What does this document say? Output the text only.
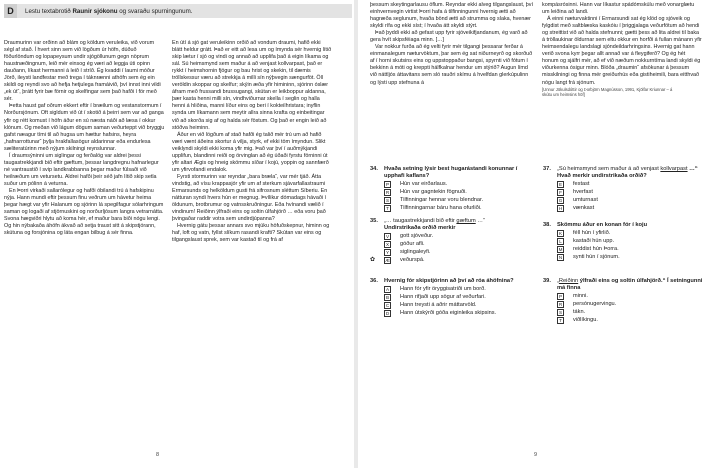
D	Lestu textabrotið Raunir sjókonu og svaraðu spurningunum.

Draumurinn var orðinn að blám og köldum veruleika, við vorum ségl af stað. Í hvert sinn sem við lögðum úr höfn, dúðuð föðurlöndum og lopapeysum undir sjógöllunum gegn nöprum haustnæðingnum, leið mér einsog ég væri að leggja úti opinn dauðann, líkast hermanni á leið í stríð. Ég kvaddi í laumi móður Jörð, ileysti landfestar með trega í táknrænni athöfn sem ég ein skildi og reyndi svo að hefja hetjulega framáivið, því innst inni vildi „ek út“, þrátt fyrir bæ förnir og skelfingar sem það hafði í för með sér.

Þetta haust gaf oðrum ekkert eftir í bræilum og vestanstormum í Norðursjónum. Oft sigldum við út í skotið á þeirri sem var að ganga yfir og rétt komust í höfn áður en sú næsta náði að læsa í okkur klónum. Og meðan við lágum dögum saman veðurteppt við bryggju gafst næagur tími til að hugsa um hættur hafsins, heyra „hafnarrottunar“ þylja hrakfallasögur aldarinnar eða endurlesa sæliteratúrinn með nýjum skilningi reynslunnar.

Í draumsýninni um siglingar og ferðalög var aldrei þessi taugastrekkjandi bið eftir gæftum, þessar langdregnu hafnarlegur né vantraustið í svip landkrabbanna þegar maður fúlsaði við heilræðum um vetursetu. Aldrei hafði þeir séð jafn lítið skip setla suður um pólinn á veturna.

En Þorri virkaði sallarólegur og hafði óbilandi trú á hafskipinu nýja. Hann mundi eftir þessum finu veðrum um hávetur heima þegar hægt var yfir Halanum og sjórinn lá spegilfagur sólarhringum saman og logaði af stjörnuskini og norðurljósum langra vetrarnátta. Svona hægviðri hlytu að koma hér, ef maður bara biði nógu lengi. Og hin nýbakaða áhöfn ákvað að setja traust sitt á skipstjórann, skútuna og forsjónina og láta engan bilbug á sér finna.

En útí á sjó gat veruleikinn orðið að vondum draumi, hafið ekki blátt heldur grátt. Það er eitt að lesa um og ímynda sér hvernig lítið skip lætur í sjó og vindi og annað að upplifa það á eigin líkama og sál. Sú heimsmynd sem maður á að venjast kollvarpast, það er rykkt í heimshornin fjögur og bau hrist og skekin, til dæmis tröllskessur væru að strekkja á milli sín nýþvegin sængurföt. Öll veröldin skoppar og skelfur; skýin æða yfir himininn, sjórinn óslær áfram með frussandi brussugangi, skútan er leikboppur aldanna, þær kasta henni milli sín, vindhviðurnar skella í seglin og halla henni á hliðina, manni líður eins og beri í kokteilhristara; inyflin synda um líkamann sem meytir allra sinna krafta og einbeitingar við að skorða sig af og halda sér föstum. Og það er engin leið að stöðva heiminn.

Áður en við lögðum af stað hafði ég talið mér trú um að hafið væri vænt áðeins skortur á vilja, styrk, ef ekki töm ímyndun. Slikt veiklyndi skyldi ekki koma yfir mig. Það var því í auðmýkjandi upplifun, blandinni reiði og örvinglan að ég úðaði fyrstu förninni út yfir altari Ægis og hneig skömmu síðar í kojú, yoppin og sannfærð um yfirvofandi endalok.

Fyrsti stormurinn var reyndar „bara bræla“, var mér tjáð. Átta vindstig, að vísu krappasjór yfir um af sterkum sjávarfallastraumi Ermarsunds og helköldum gusti frá sifrosnum sléttum Síberiu. En nátturan syndi hvers hún er megnug. Þvílikur dómadags hávaði í öldunum, brotbrumur og vatnsskruðningur. Eða hvínandi vælið í vindinum! Reiðinn ýlfraði eins og soltin úlfahjörð … eða voru það þvingaðar raddir votra sem undirdjúpanna?

Hvernig gátu þessar annars svo mjúku höfuðskepnur, himinn og haf, loft og vatn, fyllst slíkum rasandi krafti? Skútan var eins og tilgangslaust sprek, sem var kastað til og frá af

8

þessum skeytingarlausu öflum. Reyndar ekki alveg tilgangslaust, því einhvernvegin virtist Þorri hafa á tilfinningunni hvernig ætti að hagræða seglunum, hvaða bönd ætti að strumma og slaka, hvenær skyldi rífa og ekki síst; í hvaða átt skyldi stýrt.

Það þyddi ekki að gefast upp fyrir sjóveikifjandanum, ég varð að gera hvít skipsféiaga minn. […]

Var nokkur furða að ég velti fyrir mér tilgangi þessarar ferðar á einmanalegum næturvöktum, þar sem ég sat niðurneyrð og skorðuð af í horni skutsins eins og uppstoppaður bangsi, spyrnti við fótum í bekkinn á móti og kreppti hálfkalnar hendur um stýrið? Augun límd við náttljós áttavitans sem sló rauðri skímu á hvelfdan glerkúpulinn og lýsti upp stefnuna á

kompásrósinni. Hann var líkastur spádómskúlu með vonarglætu um leiðina að landi.

Á einni næturvaktinni í Ermarsundi sat ég klöd og sjóveik og fylgdist með saltblæska kaskóiu í þriggjalaga veðurfötum að hendi og streittist við að halda stefnunni; gætti þess að lita aldrei til baka á tröllaukinar öldurnar sem eltu okkur en horfði á fullan mánann yfir heimsendalegu landslagi sjóndeildarhringsins. Hvernig gat hann verið svona kyrr þegar allt annað var á fleygiferð? Og ég hét honum og sjálfri mér, að ef við næðum nokkurntíma landi skyldi ég viðurkenna ósigur minn. Blóða „draumin“ afsökunar á þessum misskilningi og finna mér greiðurhús eða gistiheimili, bara eitthvað nógu langt frá sjónum.

[Unnur Jökulsdóttir og Þorbjörn Magnússon, 1991, Kjölfar Kriunnar – á
skútu um heimsins höf]
34.	Hvaða setning lýsir best hugarástandi konunnar í upphafi kaflans?
P	Hún var eirðarlaus.
R	Hún var gagntekin fögnuði.
S	Tilfinningar hennar voru blendnar.
T	Tilfinningarnar báru hana ofurliði.
35.	„… taugastrekkjandi bið eftir gæftum …“
Undirstrikaða orðið merkir
V	gott sjóveður.
X	góður afli.
Y	siglingaleyfi.
✿ Æ veðurspá.
36.	Hvernig fór skipstjórinn að því að róa áhöfnina?
A	Hann fór yfir öryggisatriði um borð.
B	Hann rifjaði upp sögur af veðurfari.
C	Hann treysti á aðrir máttarvöld.
D	Hann útskýrði góða eiginleika skipsins.
37.	„Sú heimsmynd sem maður á að venjast kollvarpast …“ Hvað merkir undirstrikaða orðið?
E	festast
F	hverfast
G	umturnast
H	vænkast
38.	Skömmu áður en konan fór í koju
K	féll hún í yfirlið.
L	kastaði hún upp.
M reiddist hún Þorra.
N	synti hún í sjónum.
39.	„Reiðinn ýlfraði eins og soltin úlfahjörð.“ Í setningunni má finna
P	minni.
R	persónugervingu.
S	tákn.
T	viðlíkingu.
9
